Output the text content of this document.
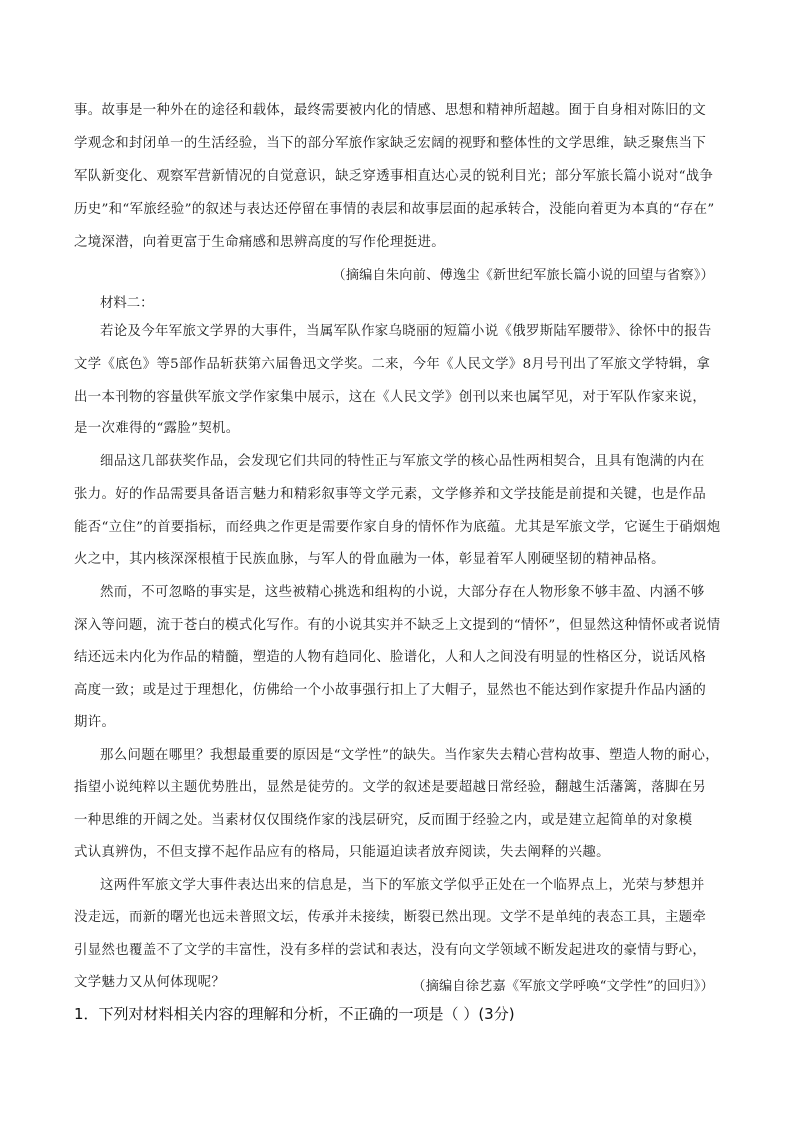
事。故事是一种外在的途径和载体，最终需要被内化的情感、思想和精神所超越。囿于自身相对陈旧的文
学观念和封闭单一的生活经验，当下的部分军旅作家缺乏宏阔的视野和整体性的文学思维，缺乏聚焦当下
军队新变化、观察军营新情况的自觉意识，缺乏穿透事相直达心灵的锐利目光；部分军旅长篇小说对“战争
历史”和“军旅经验”的叙述与表达还停留在事情的表层和故事层面的起承转合，没能向着更为本真的“存在”
之境深潜，向着更富于生命痛感和思辨高度的写作伦理挺进。
（摘编自朱向前、傅逸尘《新世纪军旅长篇小说的回望与省察》）
材料二：
若论及今年军旅文学界的大事件，当属军队作家乌晓丽的短篇小说《俄罗斯陆军腰带》、徐怀中的报告
文学《底色》等5部作品斩获第六届鲁迅文学奖。二来，今年《人民文学》8月号刊出了军旅文学特辑，拿
出一本刊物的容量供军旅文学作家集中展示，这在《人民文学》创刊以来也属罕见，对于军队作家来说，
是一次难得的“露脸”契机。
细品这几部获奖作品，会发现它们共同的特性正与军旅文学的核心品性两相契合，且具有饱满的内在
张力。好的作品需要具备语言魅力和精彩叙事等文学元素，文学修养和文学技能是前提和关键，也是作品
能否“立住”的首要指标，而经典之作更是需要作家自身的情怀作为底蕴。尤其是军旅文学，它诞生于硝烟炮
火之中，其内核深深根植于民族血脉，与军人的骨血融为一体，彰显着军人刚硬坚韧的精神品格。
然而，不可忽略的事实是，这些被精心挑选和组构的小说，大部分存在人物形象不够丰盈、内涵不够
深入等问题，流于苍白的模式化写作。有的小说其实并不缺乏上文提到的“情怀”，但显然这种情怀或者说情
结还远未内化为作品的精髓，塑造的人物有趋同化、脸谱化，人和人之间没有明显的性格区分，说话风格
高度一致；或是过于理想化，仿佛给一个小故事强行扣上了大帽子，显然也不能达到作家提升作品内涵的
期许。
那么问题在哪里？我想最重要的原因是“文学性”的缺失。当作家失去精心营构故事、塑造人物的耐心，
指望小说纯粹以主题优势胜出，显然是徒劳的。文学的叙述是要超越日常经验，翻越生活藩篱，落脚在另
一种思维的开阔之处。当素材仅仅围绕作家的浅层研究，反而囿于经验之内，或是建立起简单的对象模
式认真辨伪，不但支撑不起作品应有的格局，只能逼迫读者放弃阅读，失去阐释的兴趣。
这两件军旅文学大事件表达出来的信息是，当下的军旅文学似乎正处在一个临界点上，光荣与梦想并
没走远，而新的曙光也远未普照文坛，传承并未接续，断裂已然出现。文学不是单纯的表态工具，主题牵
引显然也覆盖不了文学的丰富性，没有多样的尝试和表达，没有向文学领域不断发起进攻的豪情与野心，
文学魅力又从何体现呢？	（摘编自徐艺嘉《军旅文学呼唤“文学性”的回归》）
1．下列对材料相关内容的理解和分析，不正确的一项是（ ）(3分)
